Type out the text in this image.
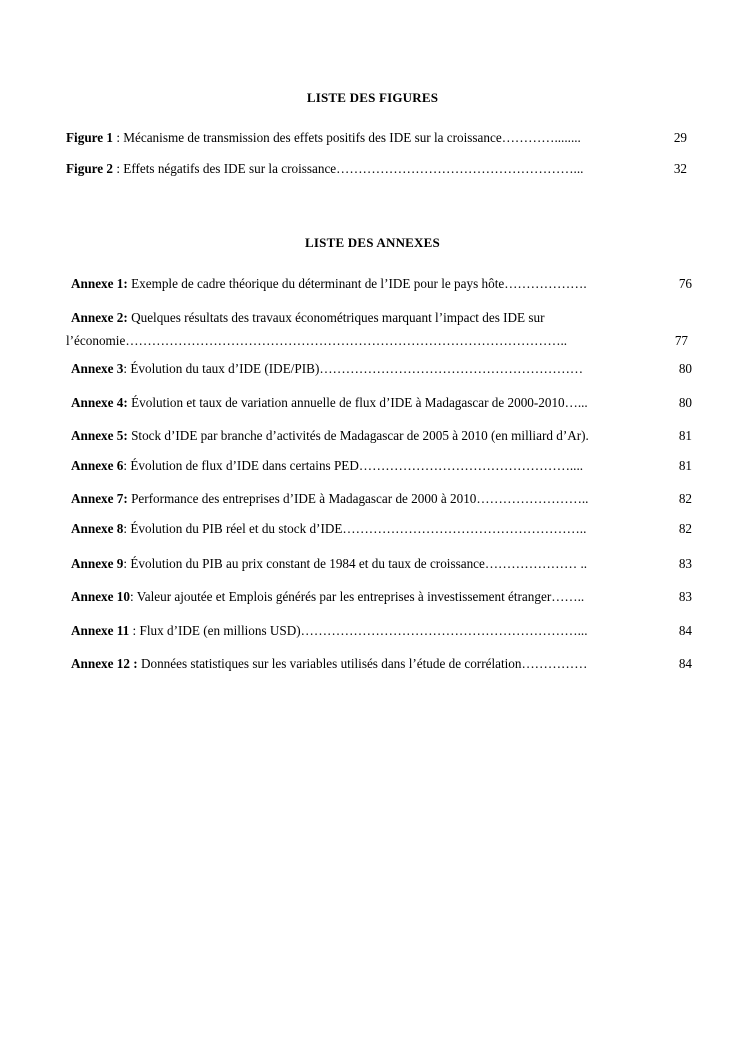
LISTE DES FIGURES
Figure 1 : Mécanisme de transmission des effets positifs des IDE sur la croissance…………........	29
Figure 2 : Effets négatifs des IDE sur la croissance………………………………………………...	32
LISTE DES ANNEXES
Annexe 1: Exemple de cadre théorique du déterminant de l’IDE pour le pays hôte……………….	76
Annexe 2: Quelques résultats des travaux économétriques marquant l’impact des IDE sur
l’économie………………………………………………………………………………………..	77
Annexe 3: Évolution du taux d’IDE (IDE/PIB)……………………………………………………	80
Annexe 4: Évolution et taux de variation annuelle de flux d’IDE à Madagascar de 2000-2010…...	80
Annexe 5: Stock d’IDE par branche d’activités de Madagascar de 2005 à 2010 (en milliard d’Ar).	81
Annexe 6: Évolution de flux d’IDE dans certains PED…………………………………………....	81
Annexe 7: Performance des entreprises d’IDE à Madagascar de 2000 à 2010……………………..	82
Annexe 8: Évolution du PIB réel et du stock d’IDE………………………………………………..	82
Annexe 9: Évolution du PIB au prix constant de 1984 et du taux de croissance………………… ..	83
Annexe 10: Valeur ajoutée et Emplois générés par les entreprises à investissement étranger……..	83
Annexe 11 : Flux d’IDE (en millions USD)………………………………………………………...	84
Annexe 12 : Données statistiques sur les variables utilisés dans l’étude de corrélation……………	84
